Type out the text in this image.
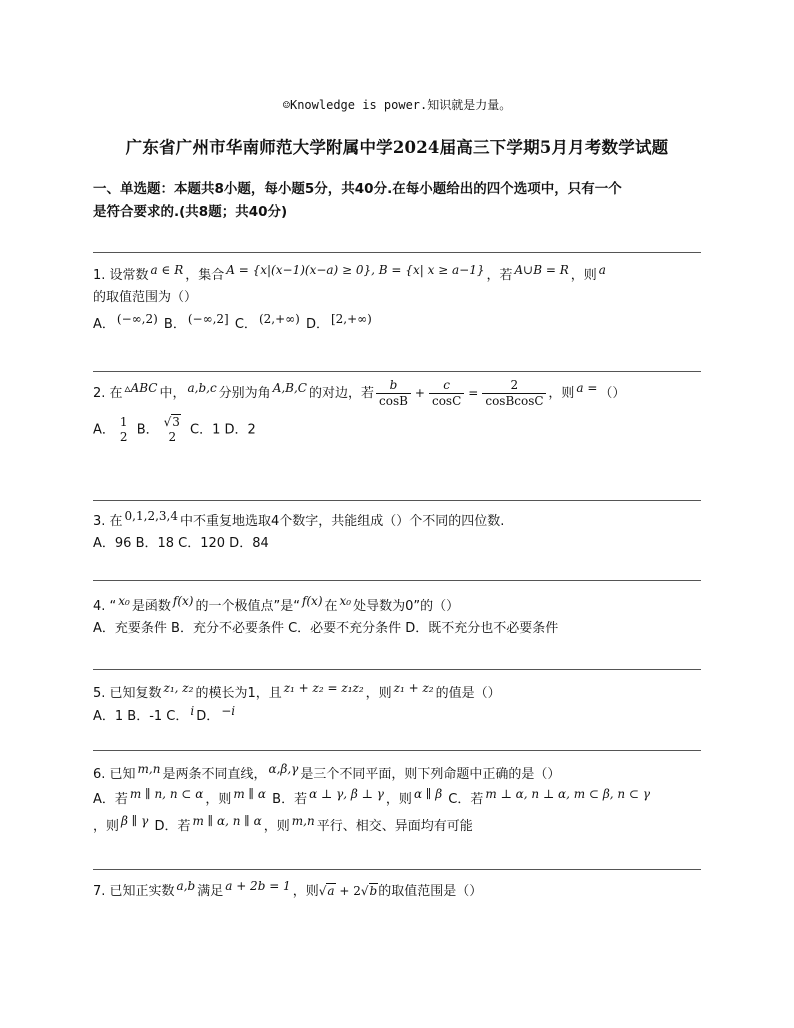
☺Knowledge is power.知识就是力量。
广东省广州市华南师范大学附属中学2024届高三下学期5月月考数学试题
一、单选题：本题共8小题，每小题5分，共40分.在每小题给出的四个选项中，只有一个
是符合要求的.(共8题；共40分)
1. 设常数 a ∈ R ，集合 A = {x|(x−1)(x−a) ≥ 0}, B = {x| x ≥ a−1} ，若 A∪B = R ，则 a
的取值范围为（）
A． (−∞,2) B． (−∞,2] C． (2,+∞) D． [2,+∞)
2. 在 ▵ABC 中， a,b,c 分别为角 A,B,C 的对边，若 $\frac{b}{\cos B} + \frac{c}{\cos C} = \frac{2}{\text{cosBcosC}}$ ，则 a = （）
A．
1
2 B．
√3
2	C．1 D．2
3. 在 0,1,2,3,4 中不重复地选取4个数字，共能组成（）个不同的四位数.
A．96 B．18 C．120 D．84
4. “ x₀ 是函数 f(x) 的一个极值点”是“ f(x) 在 x₀ 处导数为0”的（）
A．充要条件 B．充分不必要条件 C．必要不充分条件 D．既不充分也不必要条件
5. 已知复数 z₁, z₂ 的模长为1，且 z₁ + z₂ = z₁z₂ ，则 z₁ + z₂ 的值是（）
A．1 B．-1 C． i D． −i
6. 已知 m,n 是两条不同直线， α,β,γ 是三个不同平面，则下列命题中正确的是（）
A．若 m ∥ n, n ⊂ α ，则 m ∥ α B．若 α ⊥ γ, β ⊥ γ ，则 α ∥ β C．若 m ⊥ α, n ⊥ α, m ⊂ β, n ⊂ γ
，则 β ∥ γ D．若 m ∥ α, n ∥ α ，则 m,n 平行、相交、异面均有可能
7. 已知正实数 a,b 满足 a + 2b = 1 ，则√a + 2√b的取值范围是（）
